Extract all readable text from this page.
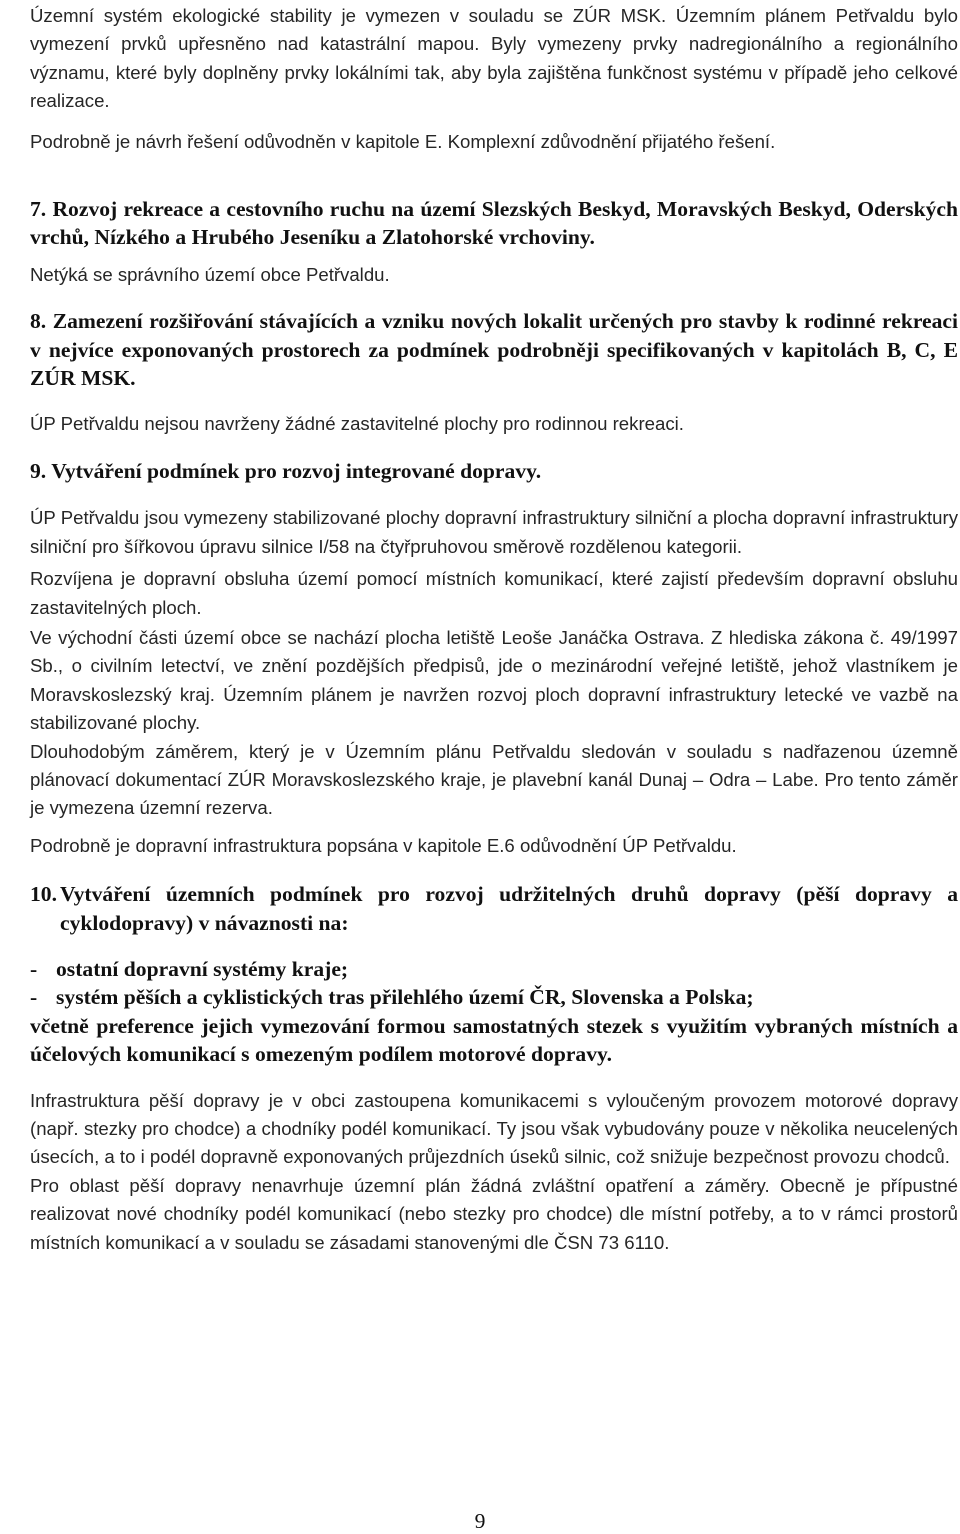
Územní systém ekologické stability je vymezen v souladu se ZÚR MSK. Územním plánem Petřvaldu bylo vymezení prvků upřesněno nad katastrální mapou. Byly vymezeny prvky nadregionálního a regionálního významu, které byly doplněny prvky lokálními tak, aby byla zajištěna funkčnost systému v případě jeho celkové realizace.

Podrobně je návrh řešení odůvodněn v kapitole E. Komplexní zdůvodnění přijatého řešení.

7. Rozvoj rekreace a cestovního ruchu na území Slezských Beskyd, Moravských Beskyd, Oderských vrchů, Nízkého a Hrubého Jeseníku a Zlatohorské vrchoviny.

Netýká se správního území obce Petřvaldu.

8. Zamezení rozšiřování stávajících a vzniku nových lokalit určených pro stavby k rodinné rekreaci v nejvíce exponovaných prostorech za podmínek podrobněji specifikovaných v kapitolách B, C, E ZÚR MSK.

ÚP Petřvaldu nejsou navrženy žádné zastavitelné plochy pro rodinnou rekreaci.

9. Vytváření podmínek pro rozvoj integrované dopravy.

ÚP Petřvaldu jsou vymezeny stabilizované plochy dopravní infrastruktury silniční a plocha dopravní infrastruktury silniční pro šířkovou úpravu silnice I/58 na čtyřpruhovou směrově rozdělenou kategorii.

Rozvíjena je dopravní obsluha území pomocí místních komunikací, které zajistí především dopravní obsluhu zastavitelných ploch.

Ve východní části území obce se nachází plocha letiště Leoše Janáčka Ostrava. Z hlediska zákona č. 49/1997 Sb., o civilním letectví, ve znění pozdějších předpisů, jde o mezinárodní veřejné letiště, jehož vlastníkem je Moravskoslezský kraj. Územním plánem je navržen rozvoj ploch dopravní infrastruktury letecké ve vazbě na stabilizované plochy.

Dlouhodobým záměrem, který je v Územním plánu Petřvaldu sledován v souladu s nadřazenou územně plánovací dokumentací ZÚR Moravskoslezského kraje, je plavební kanál Dunaj – Odra – Labe. Pro tento záměr je vymezena územní rezerva.

Podrobně je dopravní infrastruktura popsána v kapitole E.6 odůvodnění ÚP Petřvaldu.

10. Vytváření územních podmínek pro rozvoj udržitelných druhů dopravy (pěší dopravy a cyklodopravy) v návaznosti na:

- ostatní dopravní systémy kraje;
- systém pěších a cyklistických tras přilehlého území ČR, Slovenska a Polska;

včetně preference jejich vymezování formou samostatných stezek s využitím vybraných místních a účelových komunikací s omezeným podílem motorové dopravy.

Infrastruktura pěší dopravy je v obci zastoupena komunikacemi s vyloučeným provozem motorové dopravy (např. stezky pro chodce) a chodníky podél komunikací. Ty jsou však vybudovány pouze v několika neucelených úsecích, a to i podél dopravně exponovaných průjezdních úseků silnic, což snižuje bezpečnost provozu chodců.

Pro oblast pěší dopravy nenavrhuje územní plán žádná zvláštní opatření a záměry. Obecně je přípustné realizovat nové chodníky podél komunikací (nebo stezky pro chodce) dle místní potřeby, a to v rámci prostorů místních komunikací a v souladu se zásadami stanovenými dle ČSN 73 6110.

9
